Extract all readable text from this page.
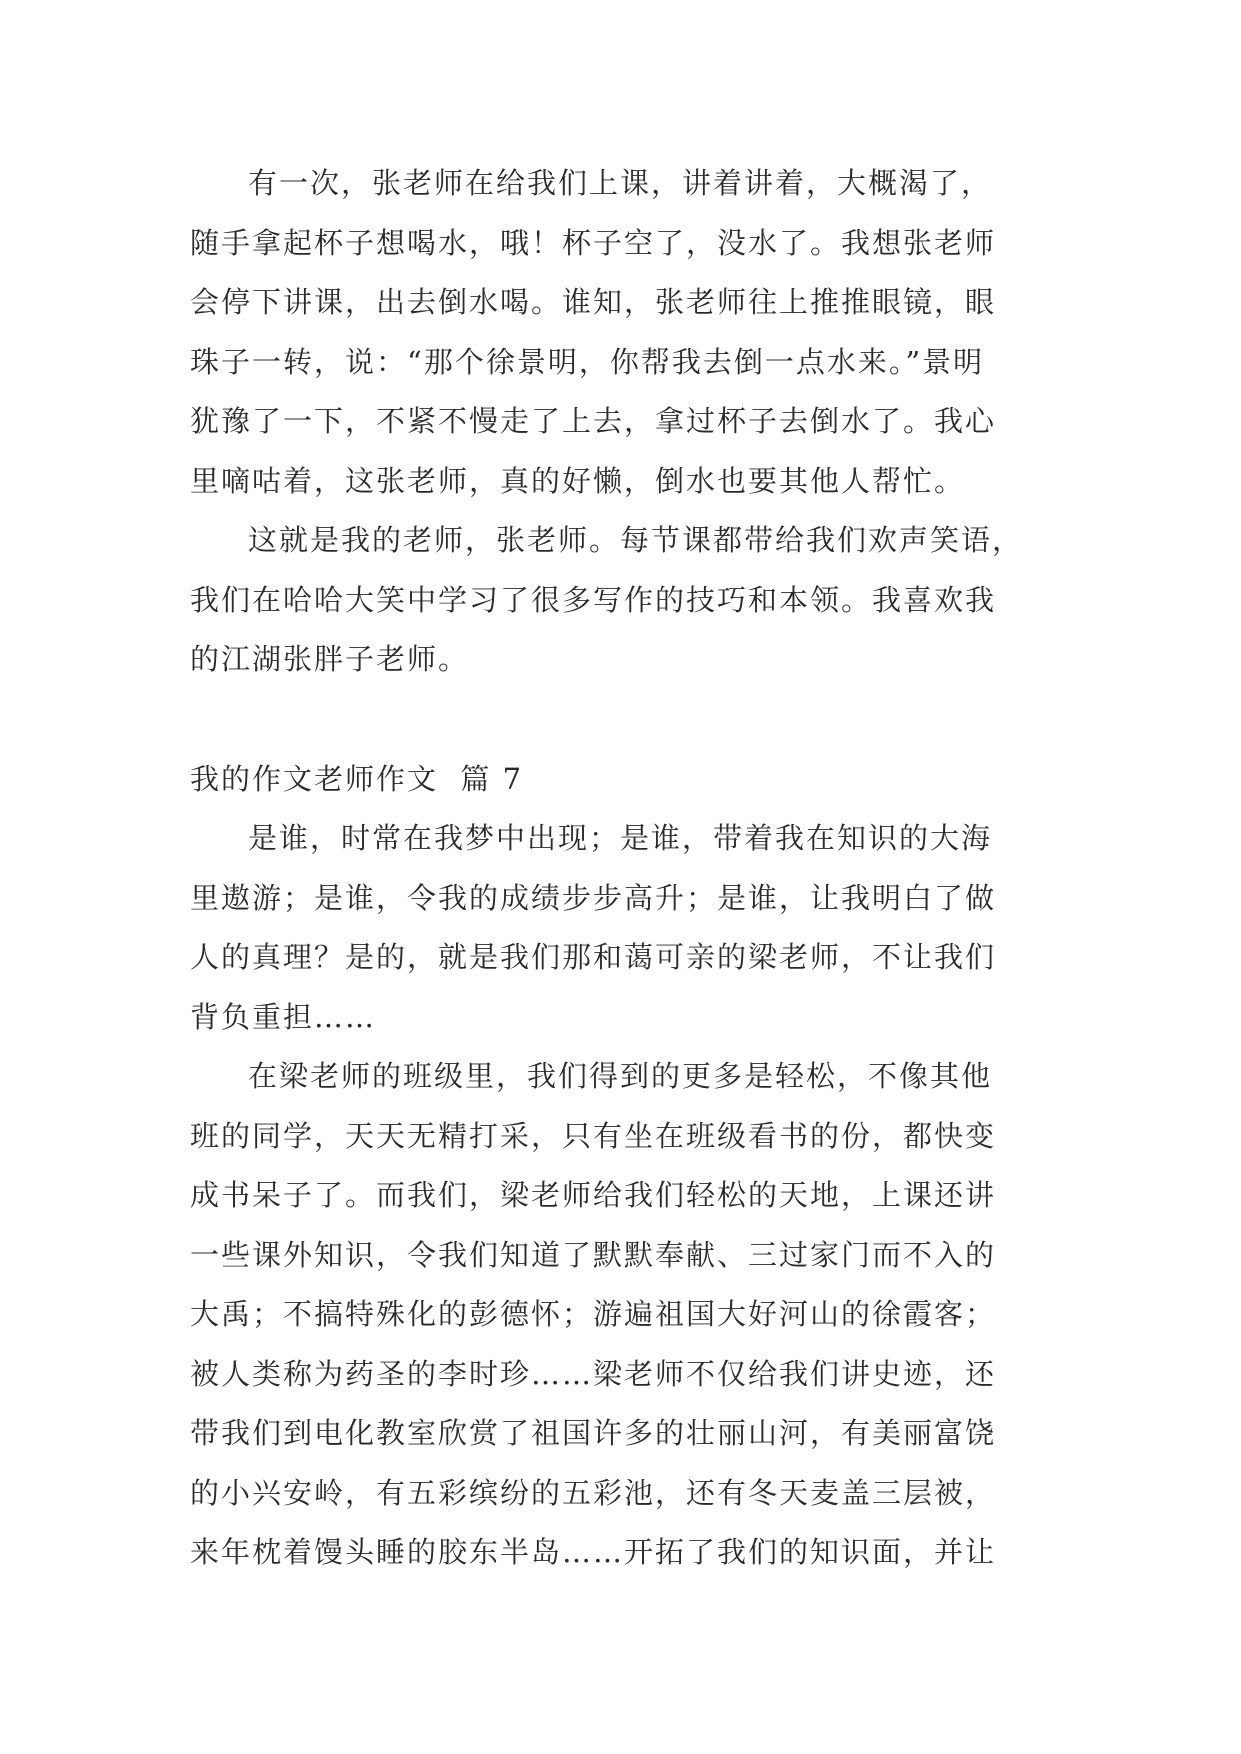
有一次，张老师在给我们上课，讲着讲着，大概渴了，
随手拿起杯子想喝水，哦！杯子空了，没水了。我想张老师
会停下讲课，出去倒水喝。谁知，张老师往上推推眼镜，眼
珠子一转，说：“那个徐景明，你帮我去倒一点水来。”景明
犹豫了一下，不紧不慢走了上去，拿过杯子去倒水了。我心
里嘀咕着，这张老师，真的好懒，倒水也要其他人帮忙。
这就是我的老师，张老师。每节课都带给我们欢声笑语，
我们在哈哈大笑中学习了很多写作的技巧和本领。我喜欢我
的江湖张胖子老师。
我的作文老师作文  篇 7
是谁，时常在我梦中出现；是谁，带着我在知识的大海
里遨游；是谁，令我的成绩步步高升；是谁，让我明白了做
人的真理？是的，就是我们那和蔼可亲的梁老师，不让我们
背负重担……
在梁老师的班级里，我们得到的更多是轻松，不像其他
班的同学，天天无精打采，只有坐在班级看书的份，都快变
成书呆子了。而我们，梁老师给我们轻松的天地，上课还讲
一些课外知识，令我们知道了默默奉献、三过家门而不入的
大禹；不搞特殊化的彭德怀；游遍祖国大好河山的徐霞客；
被人类称为药圣的李时珍……梁老师不仅给我们讲史迹，还
带我们到电化教室欣赏了祖国许多的壮丽山河，有美丽富饶
的小兴安岭，有五彩缤纷的五彩池，还有冬天麦盖三层被，
来年枕着馒头睡的胶东半岛……开拓了我们的知识面，并让
